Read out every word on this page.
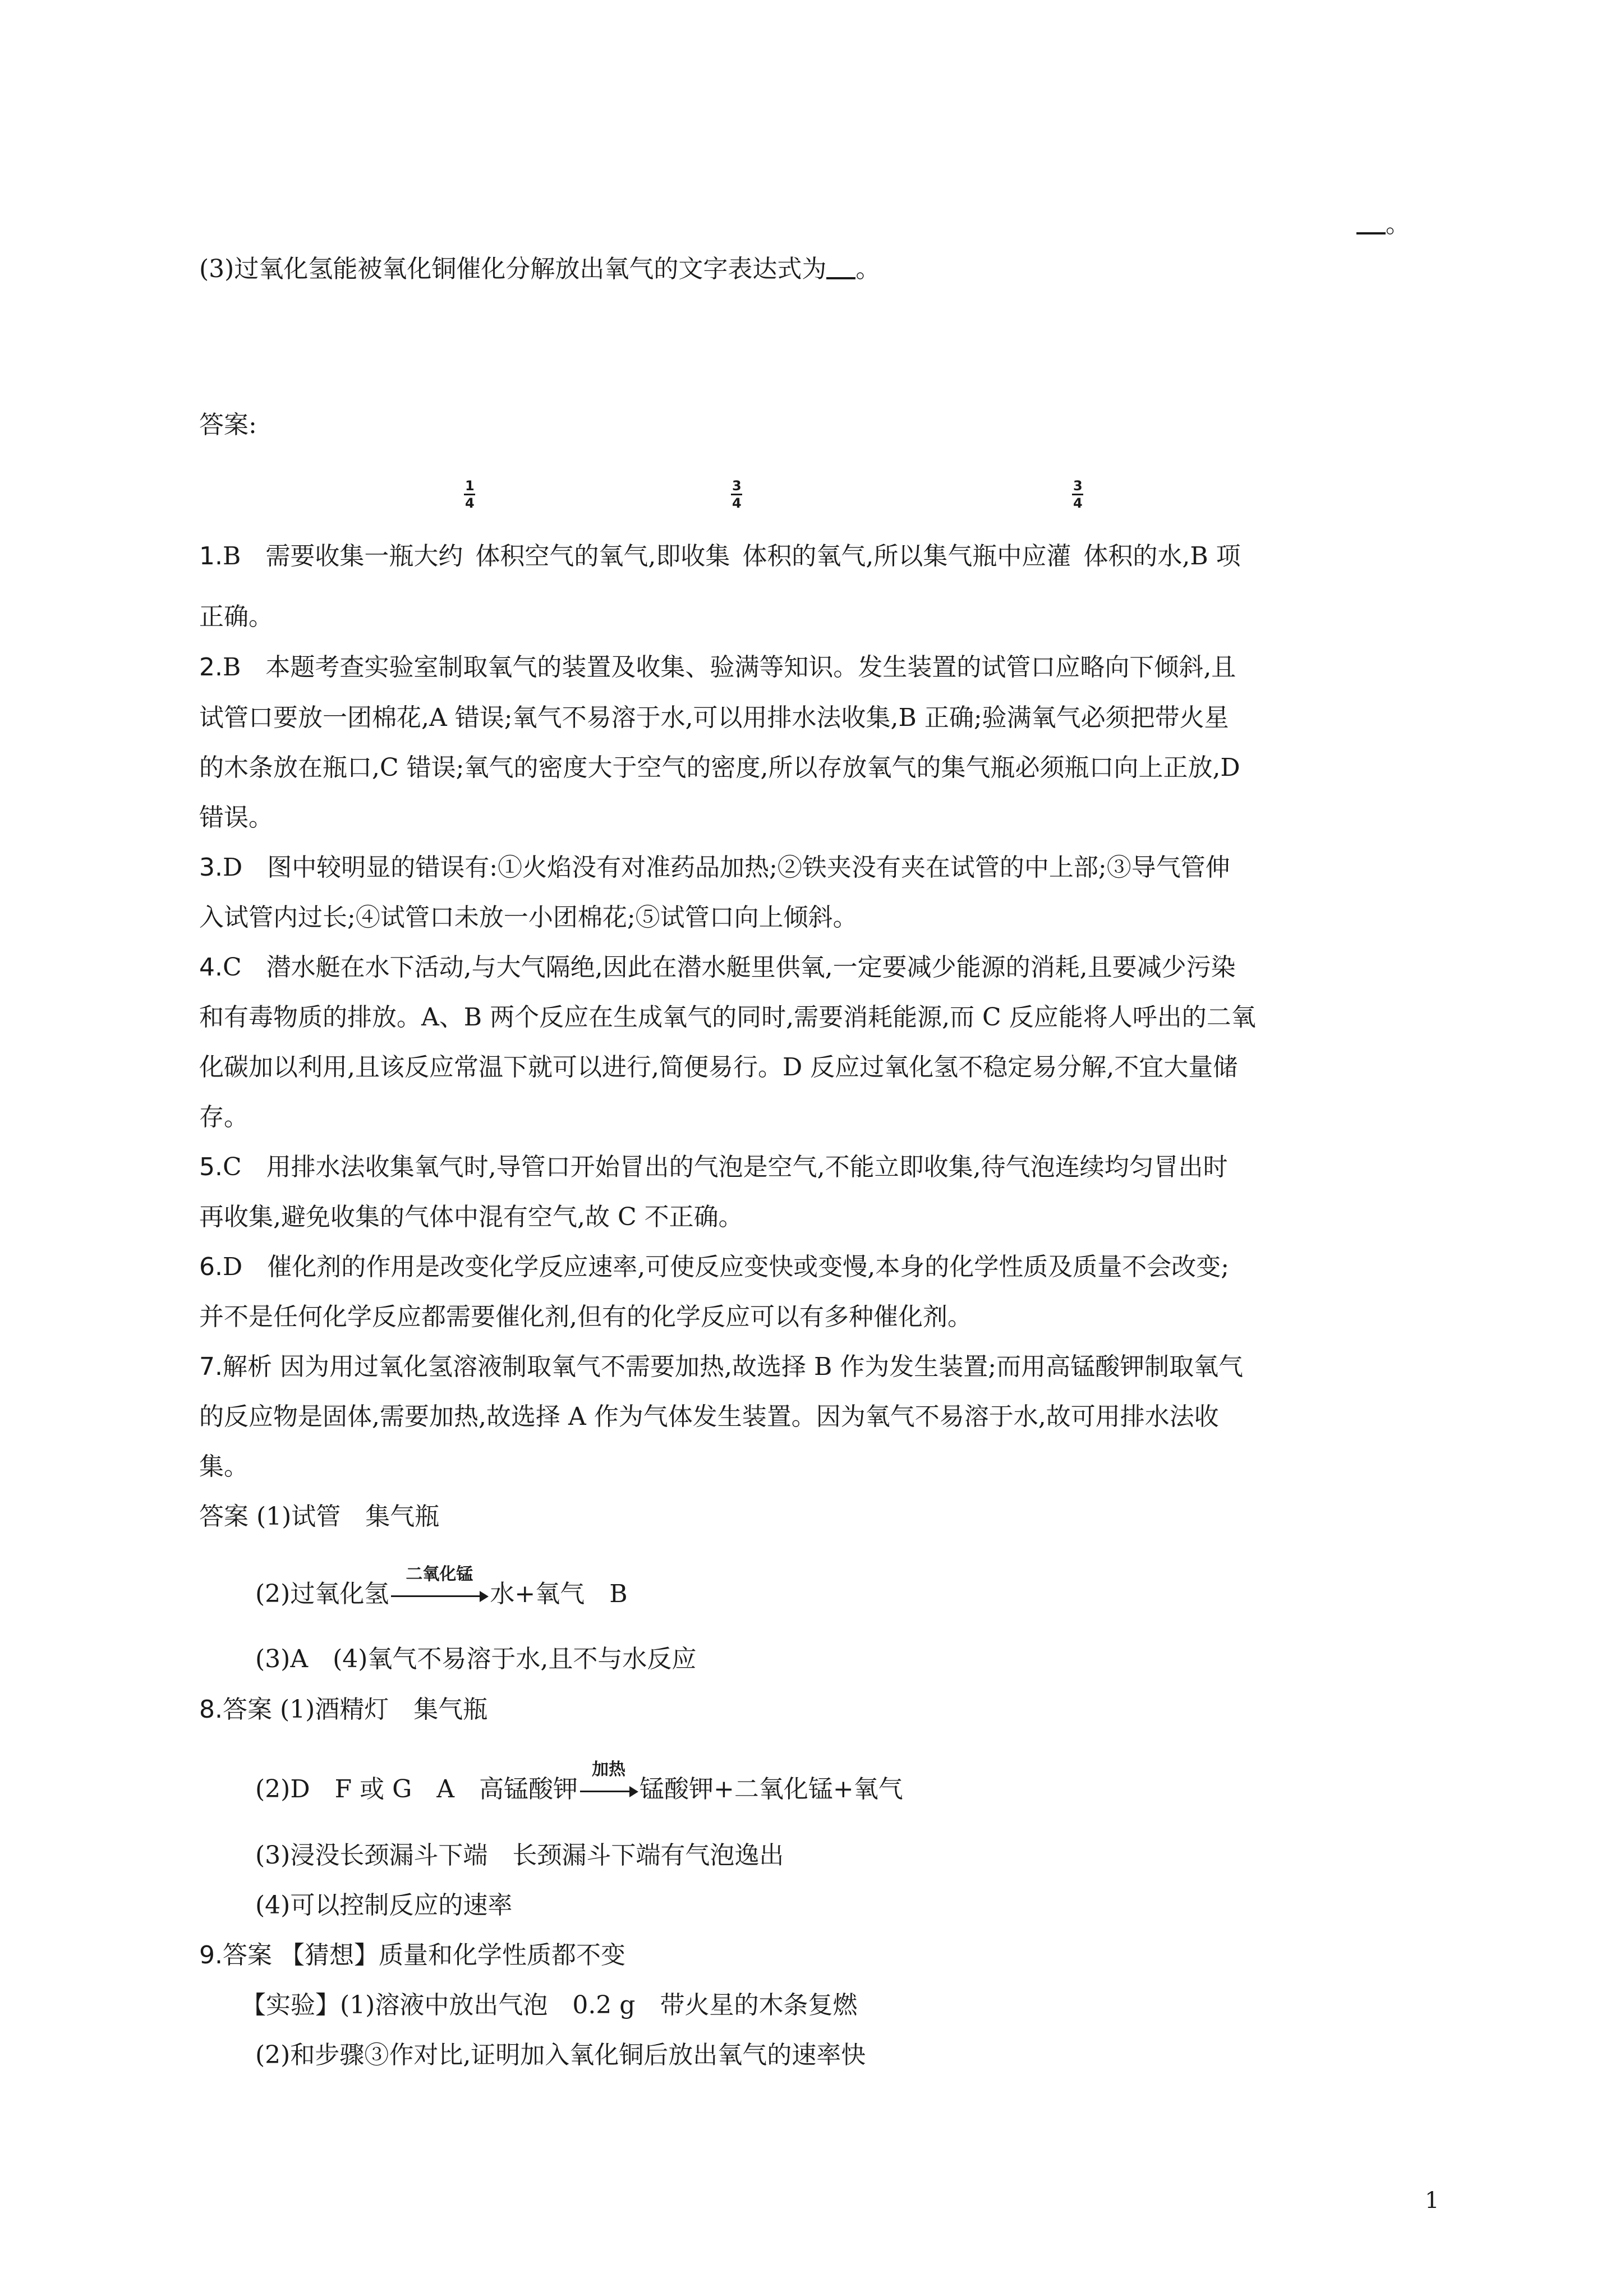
。
(3)过氧化氢能被氧化铜催化分解放出氧气的文字表达式为 。
答案:
1.B　需要收集一瓶大约
1
4
体积空气的氧气,即收集
3
4
体积的氧气,所以集气瓶中应灌
3
4
体积的水,B 项
正确。
2.B　本题考查实验室制取氧气的装置及收集、验满等知识。发生装置的试管口应略向下倾斜,且
试管口要放一团棉花,A 错误;氧气不易溶于水,可以用排水法收集,B 正确;验满氧气必须把带火星
的木条放在瓶口,C 错误;氧气的密度大于空气的密度,所以存放氧气的集气瓶必须瓶口向上正放,D
错误。
3.D　图中较明显的错误有:①火焰没有对准药品加热;②铁夹没有夹在试管的中上部;③导气管伸
入试管内过长;④试管口未放一小团棉花;⑤试管口向上倾斜。
4.C　潜水艇在水下活动,与大气隔绝,因此在潜水艇里供氧,一定要减少能源的消耗,且要减少污染
和有毒物质的排放。A、B 两个反应在生成氧气的同时,需要消耗能源,而 C 反应能将人呼出的二氧
化碳加以利用,且该反应常温下就可以进行,简便易行。D 反应过氧化氢不稳定易分解,不宜大量储
存。
5.C　用排水法收集氧气时,导管口开始冒出的气泡是空气,不能立即收集,待气泡连续均匀冒出时
再收集,避免收集的气体中混有空气,故 C 不正确。
6.D　催化剂的作用是改变化学反应速率,可使反应变快或变慢,本身的化学性质及质量不会改变;
并不是任何化学反应都需要催化剂,但有的化学反应可以有多种催化剂。
7.解析 因为用过氧化氢溶液制取氧气不需要加热,故选择 B 作为发生装置;而用高锰酸钾制取氧气
的反应物是固体,需要加热,故选择 A 作为气体发生装置。因为氧气不易溶于水,故可用排水法收
集。
答案 (1)试管　集气瓶
(2)过氧化氢
二氧化锰
水+氧气　B
(3)A　(4)氧气不易溶于水,且不与水反应
8.答案 (1)酒精灯　集气瓶
(2)D　F 或 G　A　高锰酸钾
加热
锰酸钾+二氧化锰+氧气
(3)浸没长颈漏斗下端　长颈漏斗下端有气泡逸出
(4)可以控制反应的速率
9.答案 【猜想】质量和化学性质都不变
【实验】(1)溶液中放出气泡　0.2 g　带火星的木条复燃
(2)和步骤③作对比,证明加入氧化铜后放出氧气的速率快
1
